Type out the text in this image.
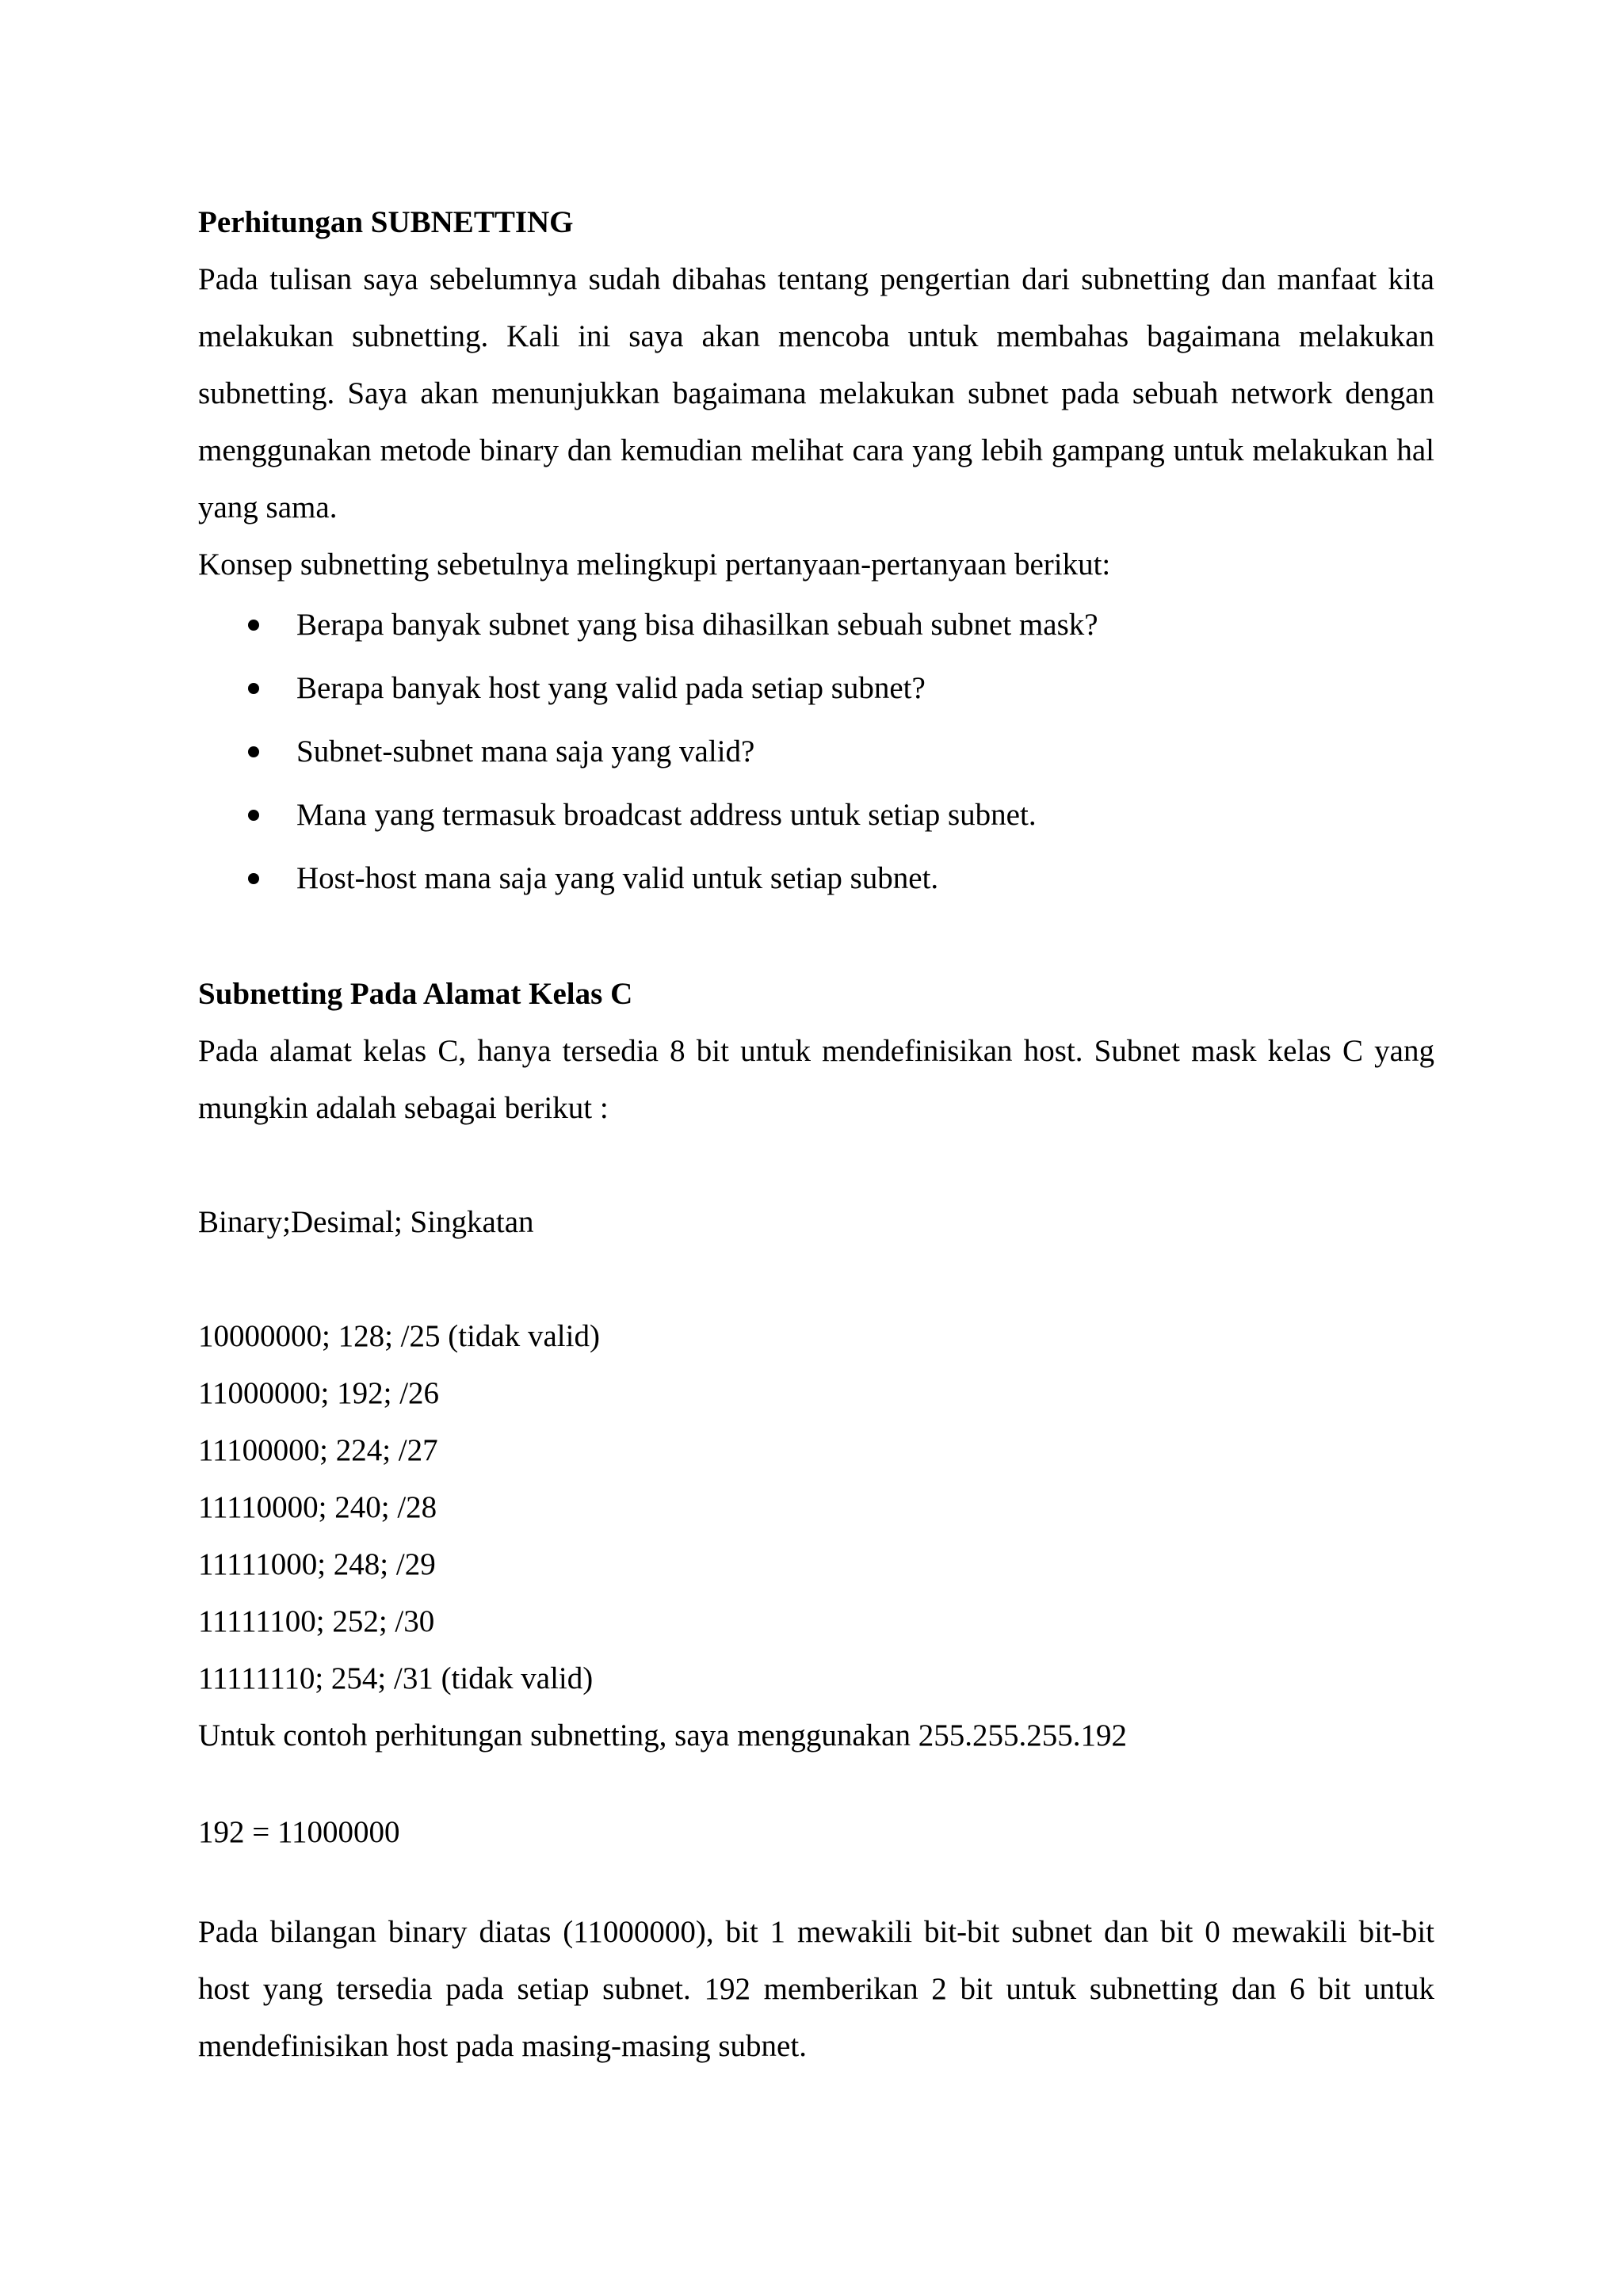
Perhitungan SUBNETTING

Pada tulisan saya sebelumnya sudah dibahas tentang pengertian dari subnetting dan manfaat kita melakukan subnetting. Kali ini saya akan mencoba untuk membahas bagaimana melakukan subnetting. Saya akan menunjukkan bagaimana melakukan subnet pada sebuah network dengan menggunakan metode binary dan kemudian melihat cara yang lebih gampang untuk melakukan hal yang sama.

Konsep subnetting sebetulnya melingkupi pertanyaan-pertanyaan berikut:

Berapa banyak subnet yang bisa dihasilkan sebuah subnet mask?
Berapa banyak host yang valid pada setiap subnet?
Subnet-subnet mana saja yang valid?
Mana yang termasuk broadcast address untuk setiap subnet.
Host-host mana saja yang valid untuk setiap subnet.

Subnetting Pada Alamat Kelas C

Pada alamat kelas C, hanya tersedia 8 bit untuk mendefinisikan host. Subnet mask kelas C yang mungkin adalah sebagai berikut :

Binary;Desimal; Singkatan

10000000; 128; /25 (tidak valid)

11000000; 192; /26

11100000; 224; /27

11110000; 240; /28

11111000; 248; /29

11111100; 252; /30

11111110; 254; /31 (tidak valid)

Untuk contoh perhitungan subnetting, saya menggunakan 255.255.255.192

192 = 11000000

Pada bilangan binary diatas (11000000), bit 1 mewakili bit-bit subnet dan bit 0 mewakili bit-bit host yang tersedia pada setiap subnet. 192 memberikan 2 bit untuk subnetting dan 6 bit untuk mendefinisikan host pada masing-masing subnet.
